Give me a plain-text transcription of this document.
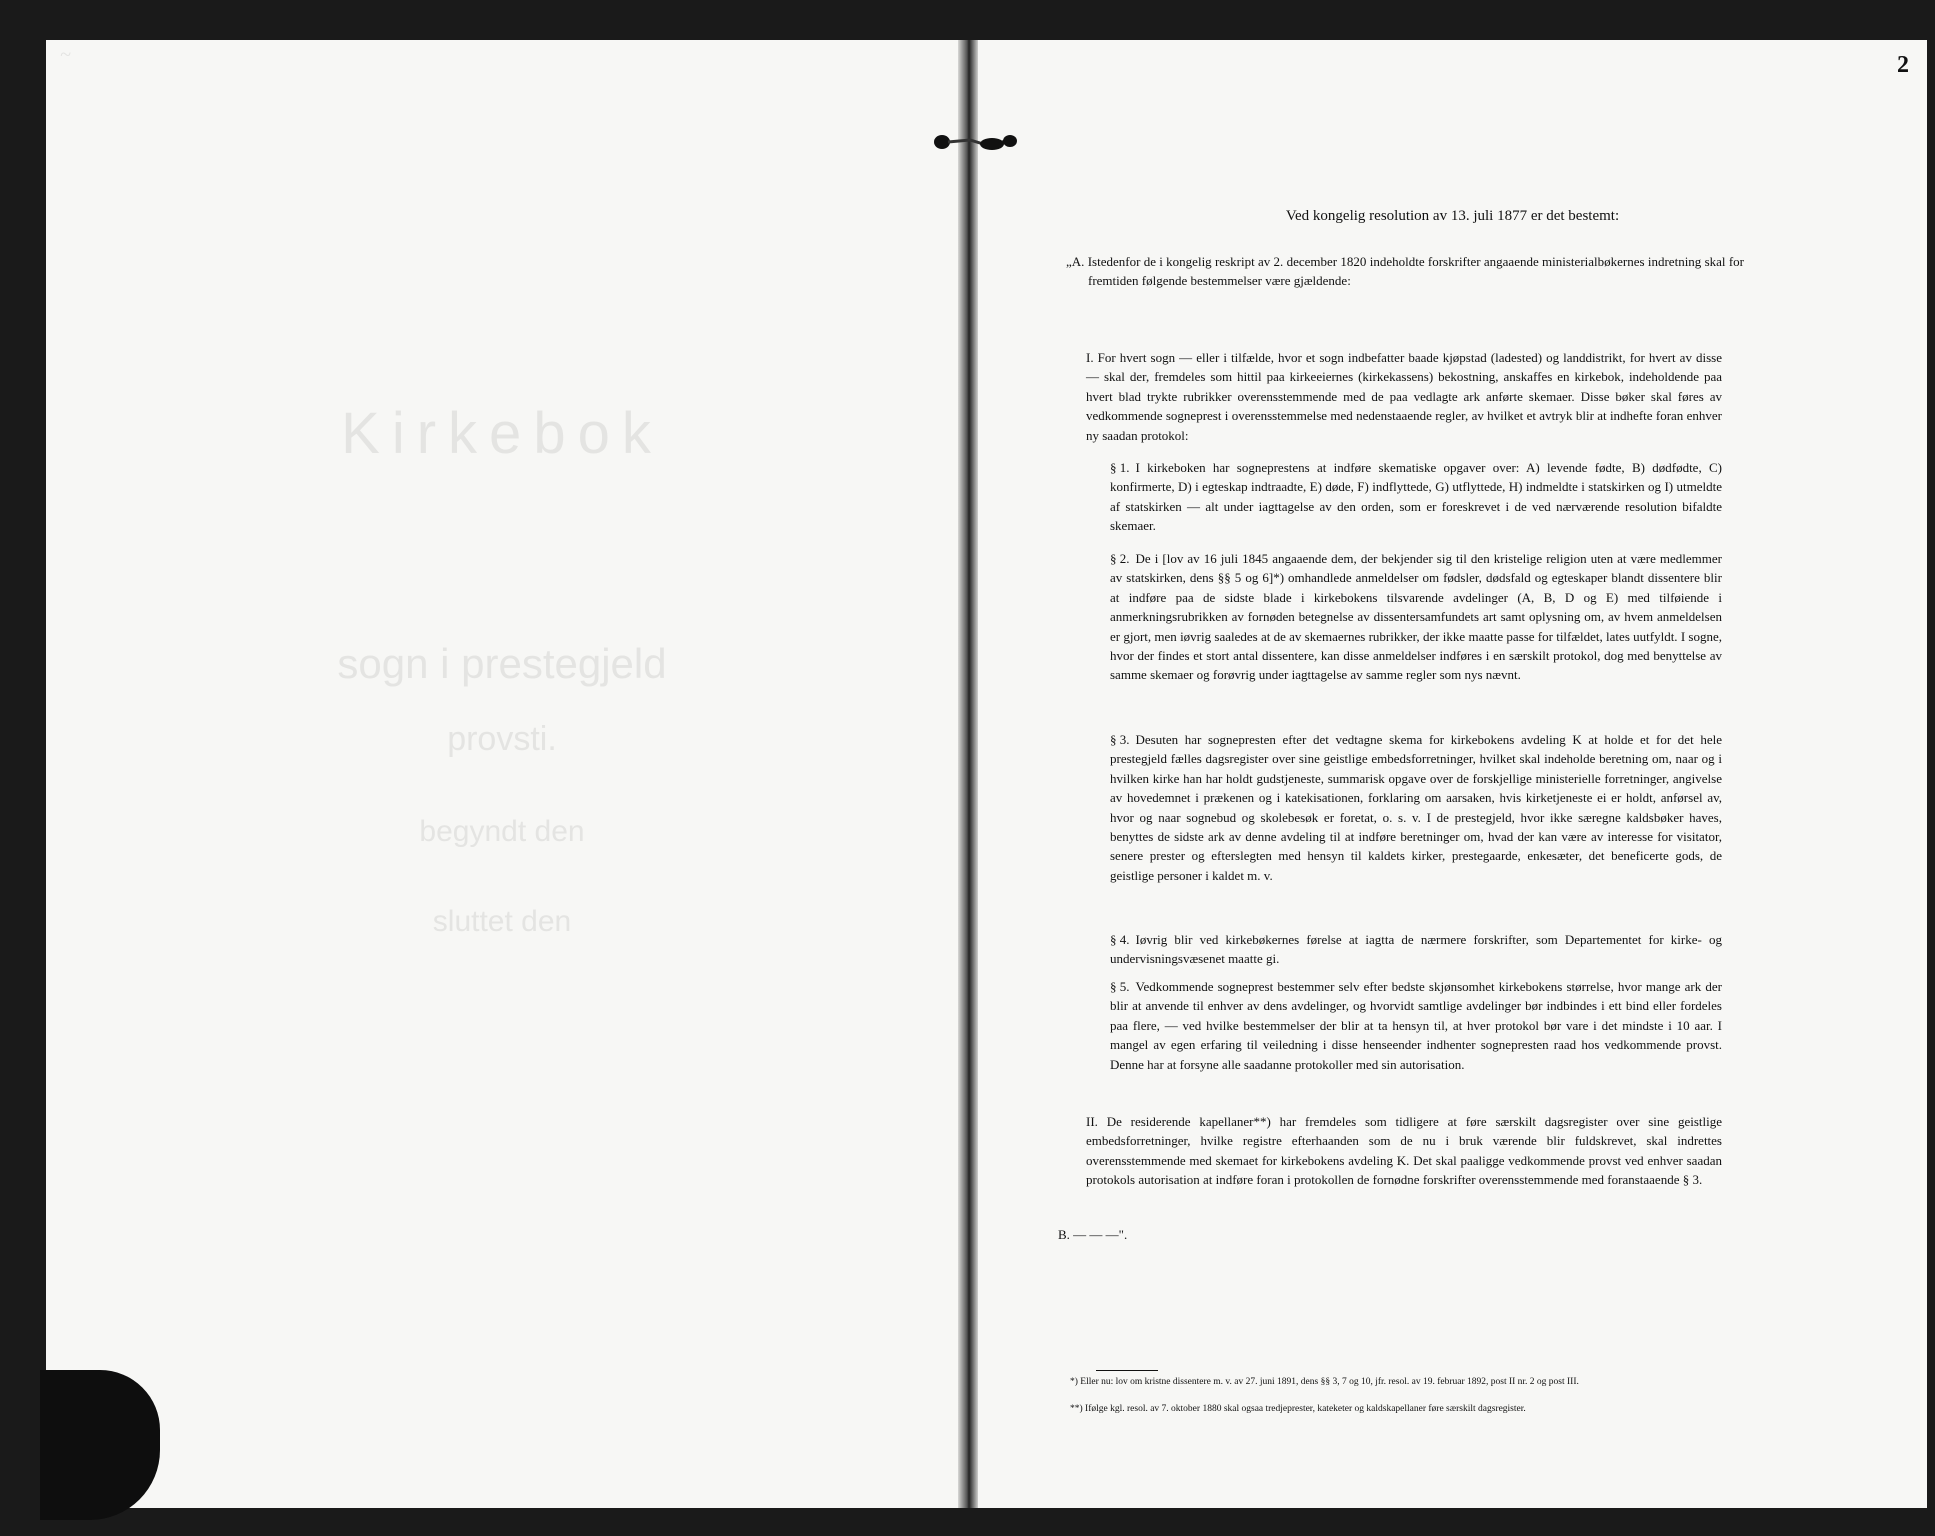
~
Kirkebok
sogn i prestegjeld
provsti.
begyndt den
sluttet den
2
Ved kongelig resolution av 13. juli 1877 er det bestemt:
„A. Istedenfor de i kongelig reskript av 2. december 1820 indeholdte forskrifter angaaende ministerialbøkernes indretning skal for fremtiden følgende bestemmelser være gjældende:
I. For hvert sogn — eller i tilfælde, hvor et sogn indbefatter baade kjøpstad (ladested) og landdistrikt, for hvert av disse — skal der, fremdeles som hittil paa kirkeeiernes (kirkekassens) bekostning, anskaffes en kirkebok, indeholdende paa hvert blad trykte rubrikker overensstemmende med de paa vedlagte ark anførte skemaer. Disse bøker skal føres av vedkommende sogneprest i overensstemmelse med nedenstaaende regler, av hvilket et avtryk blir at indhefte foran enhver ny saadan protokol:
§ 1. I kirkeboken har sogneprestens at indføre skematiske opgaver over: A) levende fødte, B) dødfødte, C) konfirmerte, D) i egteskap indtraadte, E) døde, F) indflyttede, G) utflyttede, H) indmeldte i statskirken og I) utmeldte af statskirken — alt under iagttagelse av den orden, som er foreskrevet i de ved nærværende resolution bifaldte skemaer.
§ 2. De i [lov av 16 juli 1845 angaaende dem, der bekjender sig til den kristelige religion uten at være medlemmer av statskirken, dens §§ 5 og 6]*) omhandlede anmeldelser om fødsler, dødsfald og egteskaper blandt dissentere blir at indføre paa de sidste blade i kirkebokens tilsvarende avdelinger (A, B, D og E) med tilføiende i anmerkningsrubrikken av fornøden betegnelse av dissentersamfundets art samt oplysning om, av hvem anmeldelsen er gjort, men iøvrig saaledes at de av skemaernes rubrikker, der ikke maatte passe for tilfældet, lates uutfyldt. I sogne, hvor der findes et stort antal dissentere, kan disse anmeldelser indføres i en særskilt protokol, dog med benyttelse av samme skemaer og forøvrig under iagttagelse av samme regler som nys nævnt.
§ 3. Desuten har sognepresten efter det vedtagne skema for kirkebokens avdeling K at holde et for det hele prestegjeld fælles dagsregister over sine geistlige embedsforretninger, hvilket skal indeholde beretning om, naar og i hvilken kirke han har holdt gudstjeneste, summarisk opgave over de forskjellige ministerielle forretninger, angivelse av hovedemnet i prækenen og i katekisationen, forklaring om aarsaken, hvis kirketjeneste ei er holdt, anførsel av, hvor og naar sognebud og skolebesøk er foretat, o. s. v. I de prestegjeld, hvor ikke særegne kaldsbøker haves, benyttes de sidste ark av denne avdeling til at indføre beretninger om, hvad der kan være av interesse for visitator, senere prester og efterslegten med hensyn til kaldets kirker, prestegaarde, enkesæter, det beneficerte gods, de geistlige personer i kaldet m. v.
§ 4. Iøvrig blir ved kirkebøkernes førelse at iagtta de nærmere forskrifter, som Departementet for kirke- og undervisningsvæsenet maatte gi.
§ 5. Vedkommende sogneprest bestemmer selv efter bedste skjønsomhet kirkebokens størrelse, hvor mange ark der blir at anvende til enhver av dens avdelinger, og hvorvidt samtlige avdelinger bør indbindes i ett bind eller fordeles paa flere, — ved hvilke bestemmelser der blir at ta hensyn til, at hver protokol bør vare i det mindste i 10 aar. I mangel av egen erfaring til veiledning i disse henseender indhenter sognepresten raad hos vedkommende provst. Denne har at forsyne alle saadanne protokoller med sin autorisation.
II. De residerende kapellaner**) har fremdeles som tidligere at føre særskilt dagsregister over sine geistlige embedsforretninger, hvilke registre efterhaanden som de nu i bruk værende blir fuldskrevet, skal indrettes overensstemmende med skemaet for kirkebokens avdeling K. Det skal paaligge vedkommende provst ved enhver saadan protokols autorisation at indføre foran i protokollen de fornødne forskrifter overensstemmende med foranstaaende § 3.
B. — — —".
*) Eller nu: lov om kristne dissentere m. v. av 27. juni 1891, dens §§ 3, 7 og 10, jfr. resol. av 19. februar 1892, post II nr. 2 og post III.
**) Ifølge kgl. resol. av 7. oktober 1880 skal ogsaa tredjeprester, kateketer og kaldskapellaner føre særskilt dagsregister.
